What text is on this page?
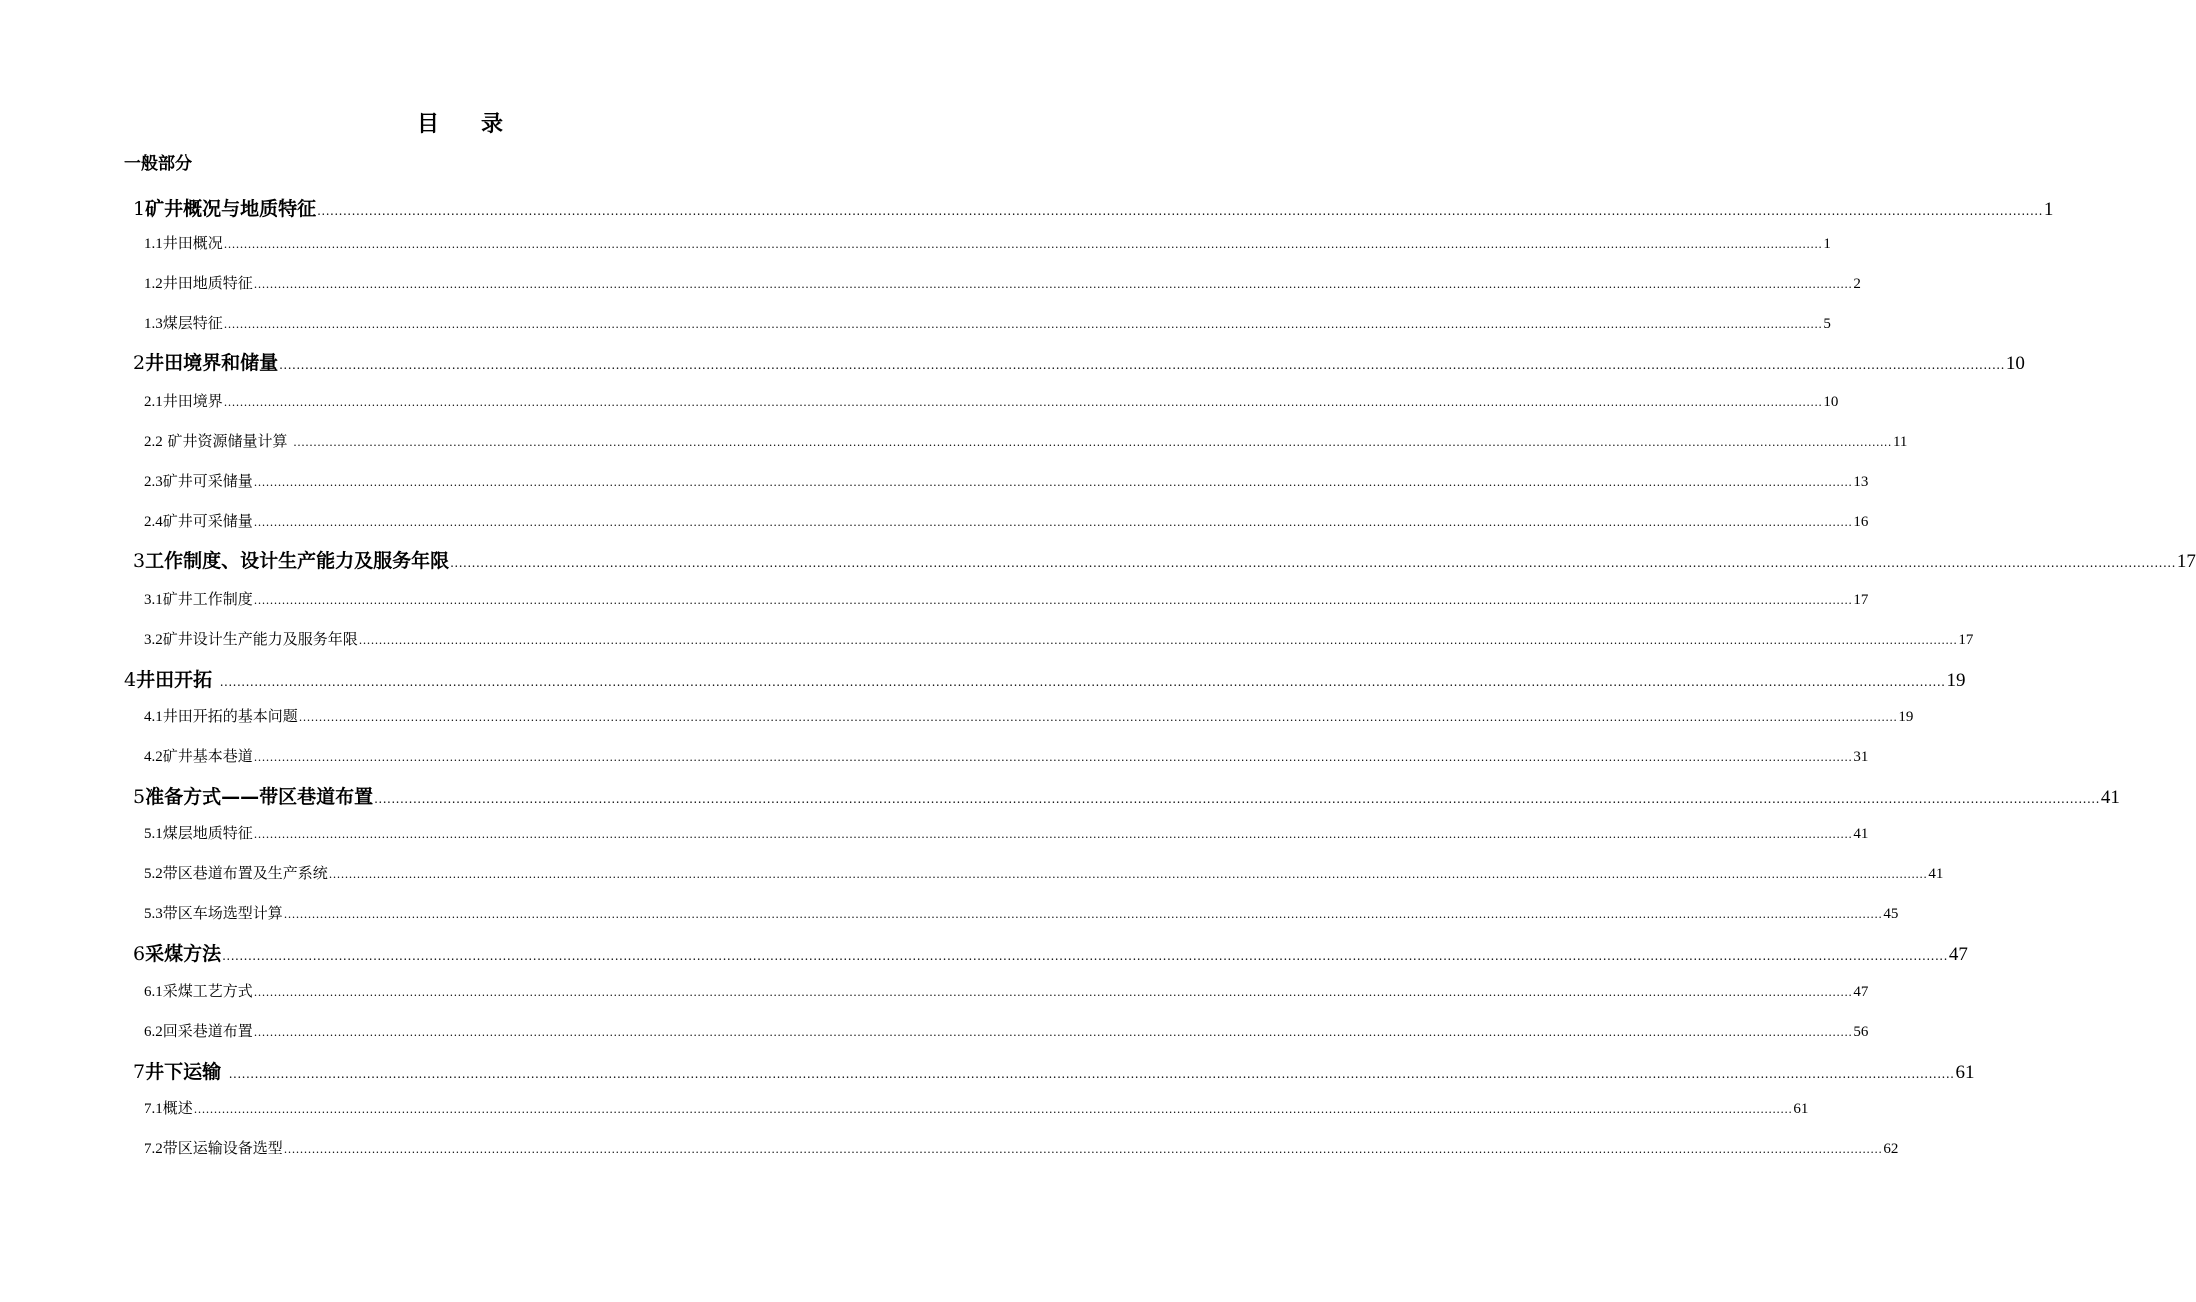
目 录
一般部分
1 矿井概况与地质特征 ................................................................................................................................................................................................................................................................................................................................................................................................................ 1
1.1 井田概况 ................................................................................................................................................................................................................................................................................................................................................................................................................ 1
1.2 井田地质特征 ................................................................................................................................................................................................................................................................................................................................................................................................................ 2
1.3 煤层特征 ................................................................................................................................................................................................................................................................................................................................................................................................................ 5
2 井田境界和储量 ................................................................................................................................................................................................................................................................................................................................................................................................................ 10
2.1 井田境界 ................................................................................................................................................................................................................................................................................................................................................................................................................ 10
2.2 矿井资源储量计算 ................................................................................................................................................................................................................................................................................................................................................................................................................ 11
2.3 矿井可采储量 ................................................................................................................................................................................................................................................................................................................................................................................................................ 13
2.4 矿井可采储量 ................................................................................................................................................................................................................................................................................................................................................................................................................ 16
3 工作制度、设计生产能力及服务年限 ................................................................................................................................................................................................................................................................................................................................................................................................................ 17
3.1 矿井工作制度 ................................................................................................................................................................................................................................................................................................................................................................................................................ 17
3.2 矿井设计生产能力及服务年限 ................................................................................................................................................................................................................................................................................................................................................................................................................ 17
4 井田开拓 ................................................................................................................................................................................................................................................................................................................................................................................................................ 19
4.1 井田开拓的基本问题 ................................................................................................................................................................................................................................................................................................................................................................................................................ 19
4.2 矿井基本巷道 ................................................................................................................................................................................................................................................................................................................................................................................................................ 31
5 准备方式——带区巷道布置 ................................................................................................................................................................................................................................................................................................................................................................................................................ 41
5.1 煤层地质特征 ................................................................................................................................................................................................................................................................................................................................................................................................................ 41
5.2 带区巷道布置及生产系统 ................................................................................................................................................................................................................................................................................................................................................................................................................ 41
5.3 带区车场选型计算 ................................................................................................................................................................................................................................................................................................................................................................................................................ 45
6 采煤方法 ................................................................................................................................................................................................................................................................................................................................................................................................................ 47
6.1 采煤工艺方式 ................................................................................................................................................................................................................................................................................................................................................................................................................ 47
6.2 回采巷道布置 ................................................................................................................................................................................................................................................................................................................................................................................................................ 56
7 井下运输 ................................................................................................................................................................................................................................................................................................................................................................................................................ 61
7.1 概述 ................................................................................................................................................................................................................................................................................................................................................................................................................ 61
7.2 带区运输设备选型 ................................................................................................................................................................................................................................................................................................................................................................................................................ 62
